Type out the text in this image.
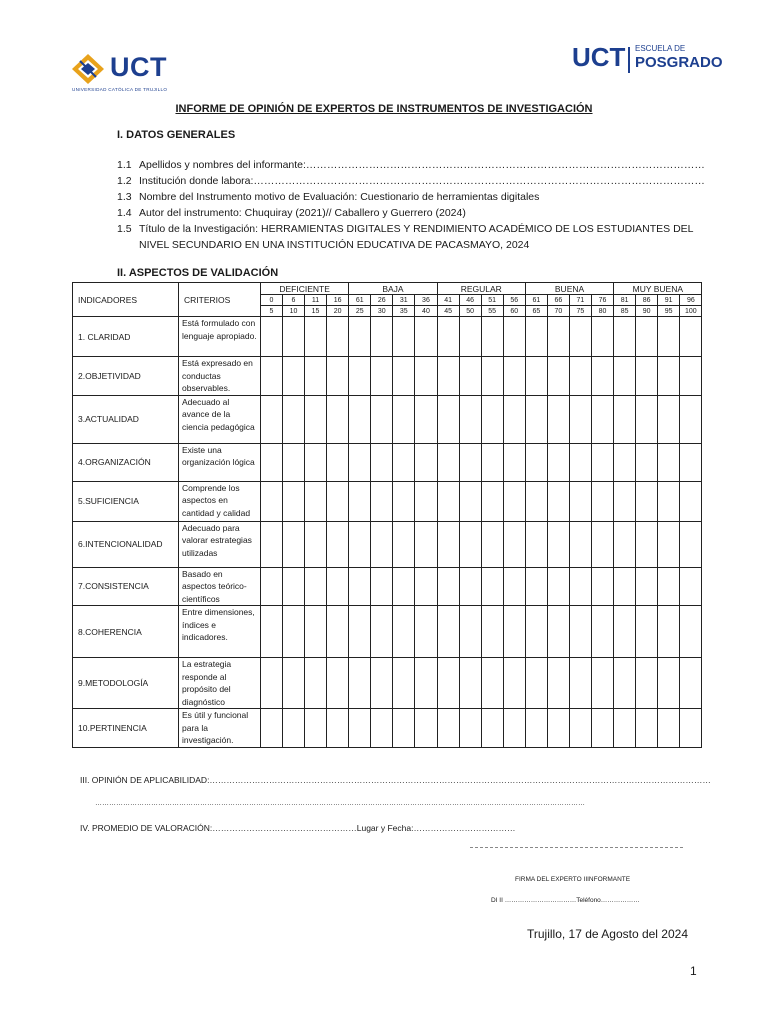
UCT
UNIVERSIDAD CATÓLICA DE TRUJILLO
UCT ESCUELA DE
POSGRADO
INFORME DE OPINIÓN DE EXPERTOS DE INSTRUMENTOS DE INVESTIGACIÓN
I. DATOS GENERALES
1.1 Apellidos y nombres del informante:……………………………………………………………………………………………………
1.2 Institución donde labora:…………………………………………………………………………………………………………………
1.3 Nombre del Instrumento motivo de Evaluación: Cuestionario de herramientas digitales
1.4 Autor del instrumento: Chuquiray (2021)// Caballero y Guerrero (2024)
1.5 Título de la Investigación: HERRAMIENTAS DIGITALES Y RENDIMIENTO ACADÉMICO DE LOS ESTUDIANTES DEL NIVEL SECUNDARIO EN UNA INSTITUCIÓN EDUCATIVA DE PACASMAYO, 2024
II. ASPECTOS DE VALIDACIÓN
INDICADORES	CRITERIOS	DEFICIENTE				BAJA				REGULAR				BUENA				MUY BUENA			
		0	6	11	16	61	26	31	36	41	46	51	56	61	66	71	76	81	86	91	96
		5	10	15	20	25	30	35	40	45	50	55	60	65	70	75	80	85	90	95	100
1. CLARIDAD	Está formulado con lenguaje apropiado.																				
2.OBJETIVIDAD	Está expresado en conductas observables.																				
3.ACTUALIDAD	Adecuado al avance de la ciencia pedagógica																				
4.ORGANIZACIÓN	Existe una organización lógica																				
5.SUFICIENCIA	Comprende los aspectos en cantidad y calidad																				
6.INTENCIONALIDAD	Adecuado para valorar estrategias utilizadas																				
7.CONSISTENCIA	Basado en aspectos teórico-científicos																				
8.COHERENCIA	Entre dimensiones, índices e indicadores.																				
9.METODOLOGÍA	La estrategia responde al propósito del diagnóstico																				
10.PERTINENCIA	Es útil y funcional para la investigación.																				
III. OPINIÓN DE APLICABILIDAD:……………………………………………………………………………………………………………………………………………………………
…………………………………………………………………………………………………………………………………………………………………………………………
IV. PROMEDIO DE VALORACIÓN:……………………………………………Lugar y Fecha:………………………………
FIRMA DEL EXPERTO IIINFORMANTE
DI II ……………………………Teléfono………………
Trujillo, 17 de Agosto del 2024
1
